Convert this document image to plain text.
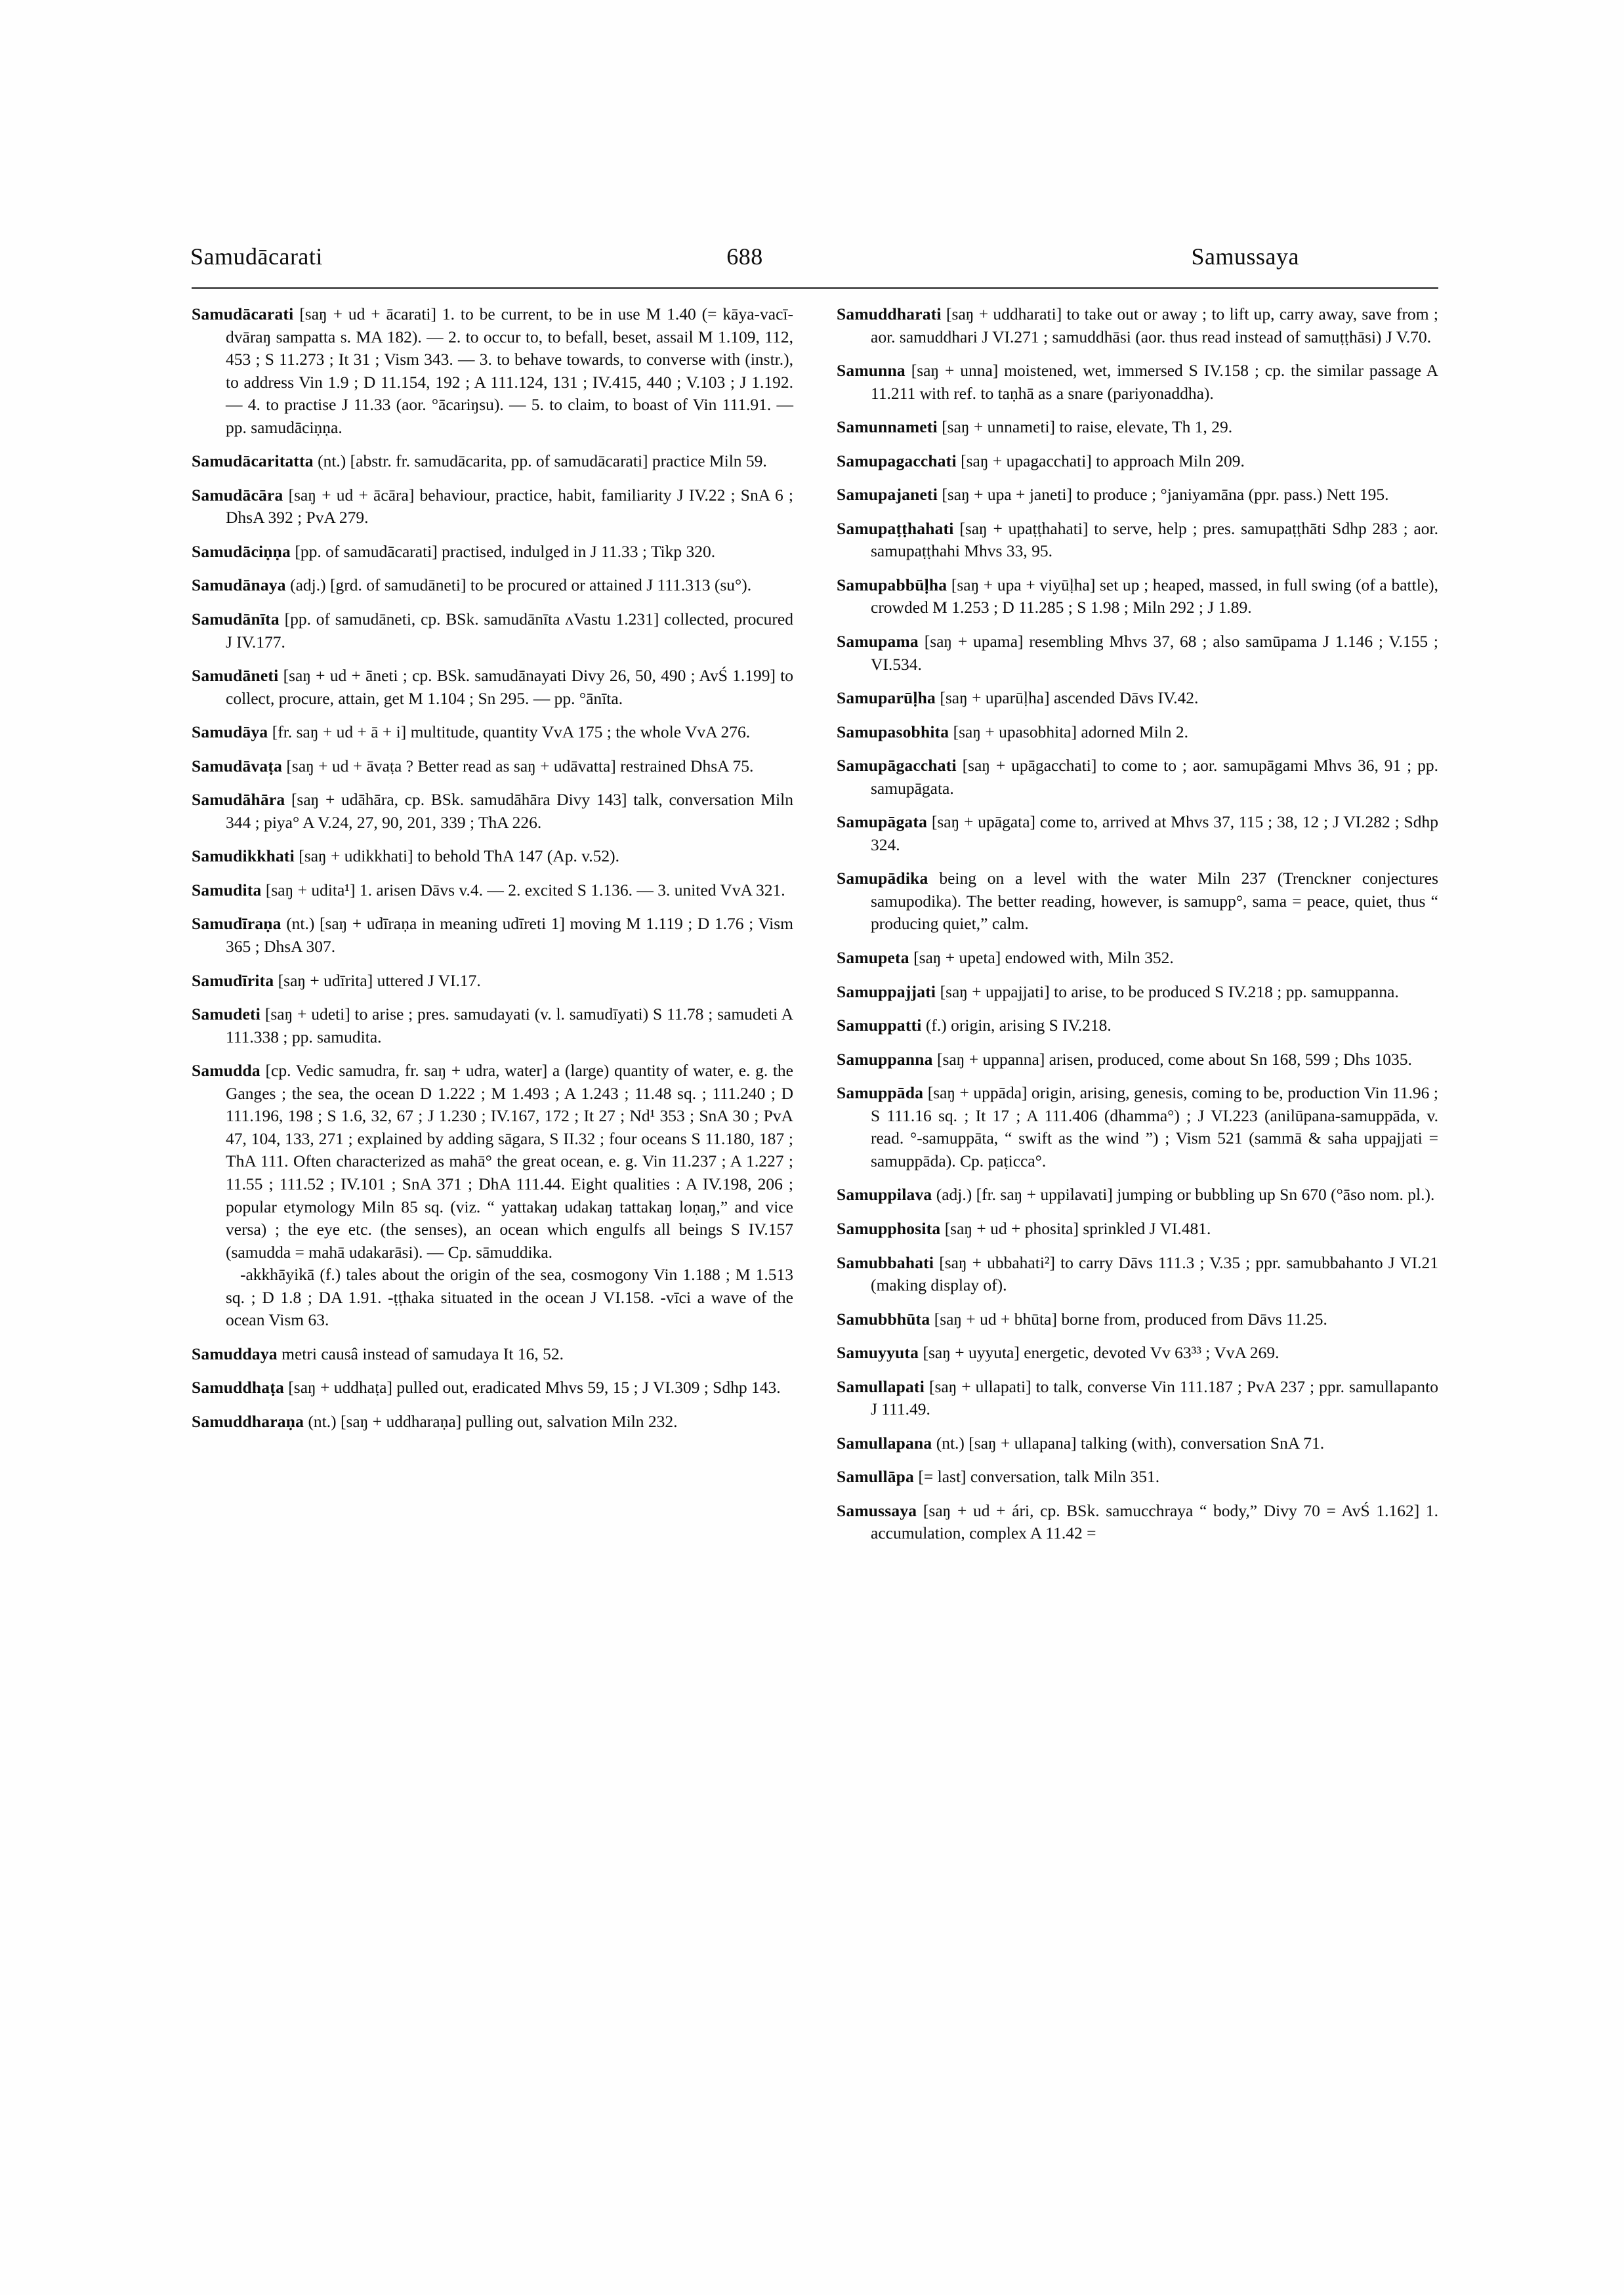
Samudācarati	688	Samussaya

Samudācarati [saŋ + ud + ācarati] 1. to be current, to be in use M 1.40 (= kāya-vacī-dvāraŋ sampatta s. MA 182). — 2. to occur to, to befall, beset, assail M 1.109, 112, 453 ; S 11.273 ; It 31 ; Vism 343. — 3. to behave towards, to converse with (instr.), to address Vin 1.9 ; D 11.154, 192 ; A 111.124, 131 ; IV.415, 440 ; V.103 ; J 1.192. — 4. to practise J 11.33 (aor. °ācariŋsu). — 5. to claim, to boast of Vin 111.91. — pp. samudāciṇṇa.

Samudācaritatta (nt.) [abstr. fr. samudācarita, pp. of samudācarati] practice Miln 59.

Samudācāra [saŋ + ud + ācāra] behaviour, practice, habit, familiarity J IV.22 ; SnA 6 ; DhsA 392 ; PvA 279.

Samudāciṇṇa [pp. of samudācarati] practised, indulged in J 11.33 ; Tikp 320.

Samudānaya (adj.) [grd. of samudāneti] to be procured or attained J 111.313 (su°).

Samudānīta [pp. of samudāneti, cp. BSk. samudānīta ᴧVastu 1.231] collected, procured J IV.177.

Samudāneti [saŋ + ud + āneti ; cp. BSk. samudānayati Divy 26, 50, 490 ; AvŚ 1.199] to collect, procure, attain, get M 1.104 ; Sn 295. — pp. °ānīta.

Samudāya [fr. saŋ + ud + ā + i] multitude, quantity VvA 175 ; the whole VvA 276.

Samudāvaṭa [saŋ + ud + āvaṭa ? Better read as saŋ + udāvatta] restrained DhsA 75.

Samudāhāra [saŋ + udāhāra, cp. BSk. samudāhāra Divy 143] talk, conversation Miln 344 ; piya° A V.24, 27, 90, 201, 339 ; ThA 226.

Samudikkhati [saŋ + udikkhati] to behold ThA 147 (Ap. v.52).

Samudita [saŋ + udita¹] 1. arisen Dāvs v.4. — 2. excited S 1.136. — 3. united VvA 321.

Samudīraṇa (nt.) [saŋ + udīraṇa in meaning udīreti 1] moving M 1.119 ; D 1.76 ; Vism 365 ; DhsA 307.

Samudīrita [saŋ + udīrita] uttered J VI.17.

Samudeti [saŋ + udeti] to arise ; pres. samudayati (v. l. samudīyati) S 11.78 ; samudeti A 111.338 ; pp. samudita.

Samudda [cp. Vedic samudra, fr. saŋ + udra, water] a (large) quantity of water, e. g. the Ganges ; the sea, the ocean D 1.222 ; M 1.493 ; A 1.243 ; 11.48 sq. ; 111.240 ; D 111.196, 198 ; S 1.6, 32, 67 ; J 1.230 ; IV.167, 172 ; It 27 ; Nd¹ 353 ; SnA 30 ; PvA 47, 104, 133, 271 ; explained by adding sāgara, S II.32 ; four oceans S 11.180, 187 ; ThA 111. Often characterized as mahā° the great ocean, e. g. Vin 11.237 ; A 1.227 ; 11.55 ; 111.52 ; IV.101 ; SnA 371 ; DhA 111.44. Eight qualities : A IV.198, 206 ; popular etymology Miln 85 sq. (viz. “ yattakaŋ udakaŋ tattakaŋ loṇaŋ,” and vice versa) ; the eye etc. (the senses), an ocean which engulfs all beings S IV.157 (samudda = mahā udakarāsi). — Cp. sāmuddika.

-akkhāyikā (f.) tales about the origin of the sea, cosmogony Vin 1.188 ; M 1.513 sq. ; D 1.8 ; DA 1.91. -ṭṭhaka situated in the ocean J VI.158. -vīci a wave of the ocean Vism 63.

Samuddaya metri causâ instead of samudaya It 16, 52.

Samuddhaṭa [saŋ + uddhaṭa] pulled out, eradicated Mhvs 59, 15 ; J VI.309 ; Sdhp 143.

Samuddharaṇa (nt.) [saŋ + uddharaṇa] pulling out, salvation Miln 232.

Samuddharati [saŋ + uddharati] to take out or away ; to lift up, carry away, save from ; aor. samuddhari J VI.271 ; samuddhāsi (aor. thus read instead of samuṭṭhāsi) J V.70.

Samunna [saŋ + unna] moistened, wet, immersed S IV.158 ; cp. the similar passage A 11.211 with ref. to taṇhā as a snare (pariyonaddha).

Samunnameti [saŋ + unnameti] to raise, elevate, Th 1, 29.

Samupagacchati [saŋ + upagacchati] to approach Miln 209.

Samupajaneti [saŋ + upa + janeti] to produce ; °janiyamāna (ppr. pass.) Nett 195.

Samupaṭṭhahati [saŋ + upaṭṭhahati] to serve, help ; pres. samupaṭṭhāti Sdhp 283 ; aor. samupaṭṭhahi Mhvs 33, 95.

Samupabbūḷha [saŋ + upa + viyūḷha] set up ; heaped, massed, in full swing (of a battle), crowded M 1.253 ; D 11.285 ; S 1.98 ; Miln 292 ; J 1.89.

Samupama [saŋ + upama] resembling Mhvs 37, 68 ; also samūpama J 1.146 ; V.155 ; VI.534.

Samuparūḷha [saŋ + uparūḷha] ascended Dāvs IV.42.

Samupasobhita [saŋ + upasobhita] adorned Miln 2.

Samupāgacchati [saŋ + upāgacchati] to come to ; aor. samupāgami Mhvs 36, 91 ; pp. samupāgata.

Samupāgata [saŋ + upāgata] come to, arrived at Mhvs 37, 115 ; 38, 12 ; J VI.282 ; Sdhp 324.

Samupādika being on a level with the water Miln 237 (Trenckner conjectures samupodika). The better reading, however, is samupp°, sama = peace, quiet, thus “ producing quiet,” calm.

Samupeta [saŋ + upeta] endowed with, Miln 352.

Samuppajjati [saŋ + uppajjati] to arise, to be produced S IV.218 ; pp. samuppanna.

Samuppatti (f.) origin, arising S IV.218.

Samuppanna [saŋ + uppanna] arisen, produced, come about Sn 168, 599 ; Dhs 1035.

Samuppāda [saŋ + uppāda] origin, arising, genesis, coming to be, production Vin 11.96 ; S 111.16 sq. ; It 17 ; A 111.406 (dhamma°) ; J VI.223 (anilūpana-samuppāda, v. read. °-samuppāta, “ swift as the wind ”) ; Vism 521 (sammā & saha uppajjati = samuppāda). Cp. paṭicca°.

Samuppilava (adj.) [fr. saŋ + uppilavati] jumping or bubbling up Sn 670 (°āso nom. pl.).

Samupphosita [saŋ + ud + phosita] sprinkled J VI.481.

Samubbahati [saŋ + ubbahati²] to carry Dāvs 111.3 ; V.35 ; ppr. samubbahanto J VI.21 (making display of).

Samubbhūta [saŋ + ud + bhūta] borne from, produced from Dāvs 11.25.

Samuyyuta [saŋ + uyyuta] energetic, devoted Vv 63³³ ; VvA 269.

Samullapati [saŋ + ullapati] to talk, converse Vin 111.187 ; PvA 237 ; ppr. samullapanto J 111.49.

Samullapana (nt.) [saŋ + ullapana] talking (with), conversation SnA 71.

Samullāpa [= last] conversation, talk Miln 351.

Samussaya [saŋ + ud + ári, cp. BSk. samucchraya “ body,” Divy 70 = AvŚ 1.162] 1. accumulation, complex A 11.42 =
